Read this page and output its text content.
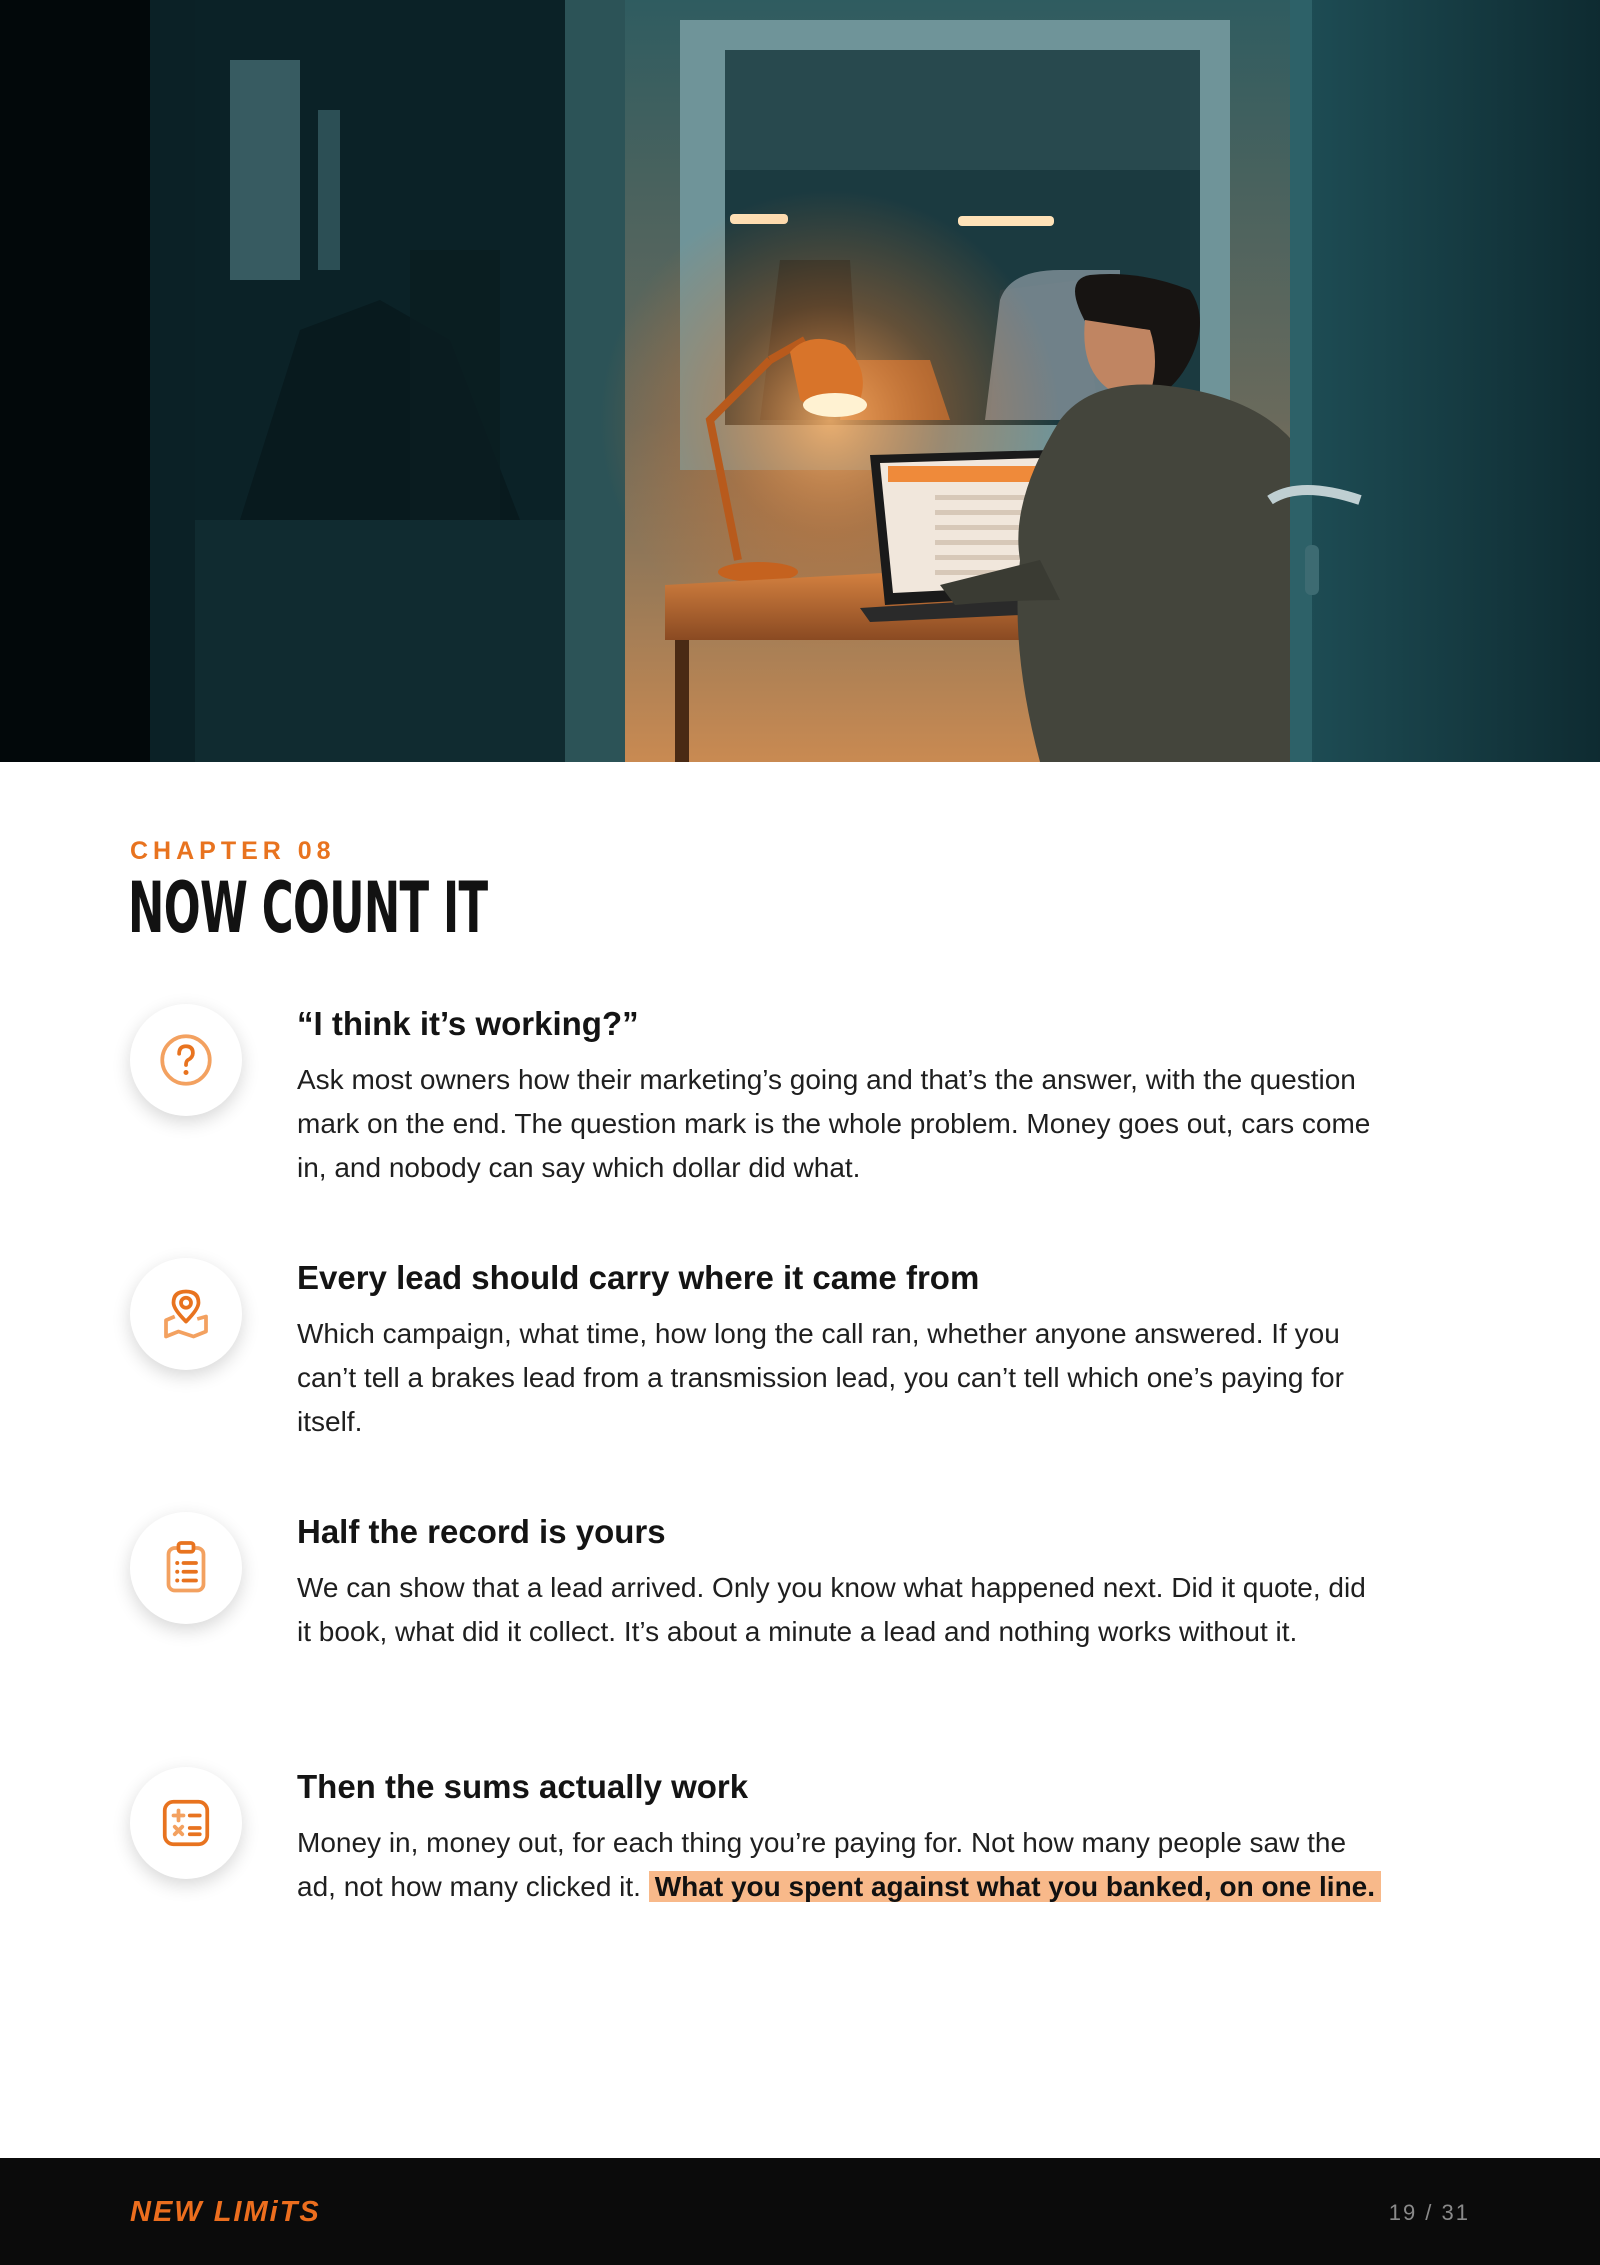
CHAPTER 08
NOW COUNT IT
“I think it’s working?”

Ask most owners how their marketing’s going and that’s the answer, with the question mark on the end. The question mark is the whole problem. Money goes out, cars come in, and nobody can say which dollar did what.

Every lead should carry where it came from

Which campaign, what time, how long the call ran, whether anyone answered. If you can’t tell a brakes lead from a transmission lead, you can’t tell which one’s paying for itself.

Half the record is yours

We can show that a lead arrived. Only you know what happened next. Did it quote, did it book, what did it collect. It’s about a minute a lead and nothing works without it.

Then the sums actually work

Money in, money out, for each thing you’re paying for. Not how many people saw the ad, not how many clicked it. What you spent against what you banked, on one line.

NEW LIMiTS	19 / 31
